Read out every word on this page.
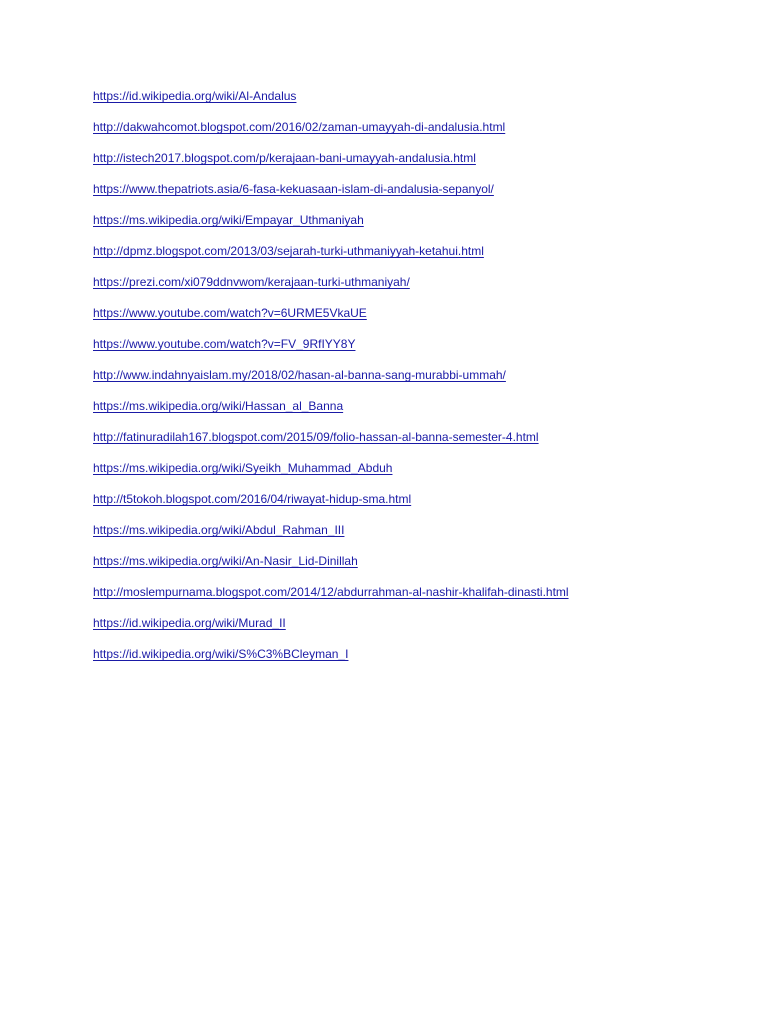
https://id.wikipedia.org/wiki/Al-Andalus
http://dakwahcomot.blogspot.com/2016/02/zaman-umayyah-di-andalusia.html
http://istech2017.blogspot.com/p/kerajaan-bani-umayyah-andalusia.html
https://www.thepatriots.asia/6-fasa-kekuasaan-islam-di-andalusia-sepanyol/
https://ms.wikipedia.org/wiki/Empayar_Uthmaniyah
http://dpmz.blogspot.com/2013/03/sejarah-turki-uthmaniyyah-ketahui.html
https://prezi.com/xi079ddnvwom/kerajaan-turki-uthmaniyah/
https://www.youtube.com/watch?v=6URME5VkaUE
https://www.youtube.com/watch?v=FV_9RfIYY8Y
http://www.indahnyaislam.my/2018/02/hasan-al-banna-sang-murabbi-ummah/
https://ms.wikipedia.org/wiki/Hassan_al_Banna
http://fatinuradilah167.blogspot.com/2015/09/folio-hassan-al-banna-semester-4.html
https://ms.wikipedia.org/wiki/Syeikh_Muhammad_Abduh
http://t5tokoh.blogspot.com/2016/04/riwayat-hidup-sma.html
https://ms.wikipedia.org/wiki/Abdul_Rahman_III
https://ms.wikipedia.org/wiki/An-Nasir_Lid-Dinillah
http://moslempurnama.blogspot.com/2014/12/abdurrahman-al-nashir-khalifah-dinasti.html
https://id.wikipedia.org/wiki/Murad_II
https://id.wikipedia.org/wiki/S%C3%BCleyman_I
